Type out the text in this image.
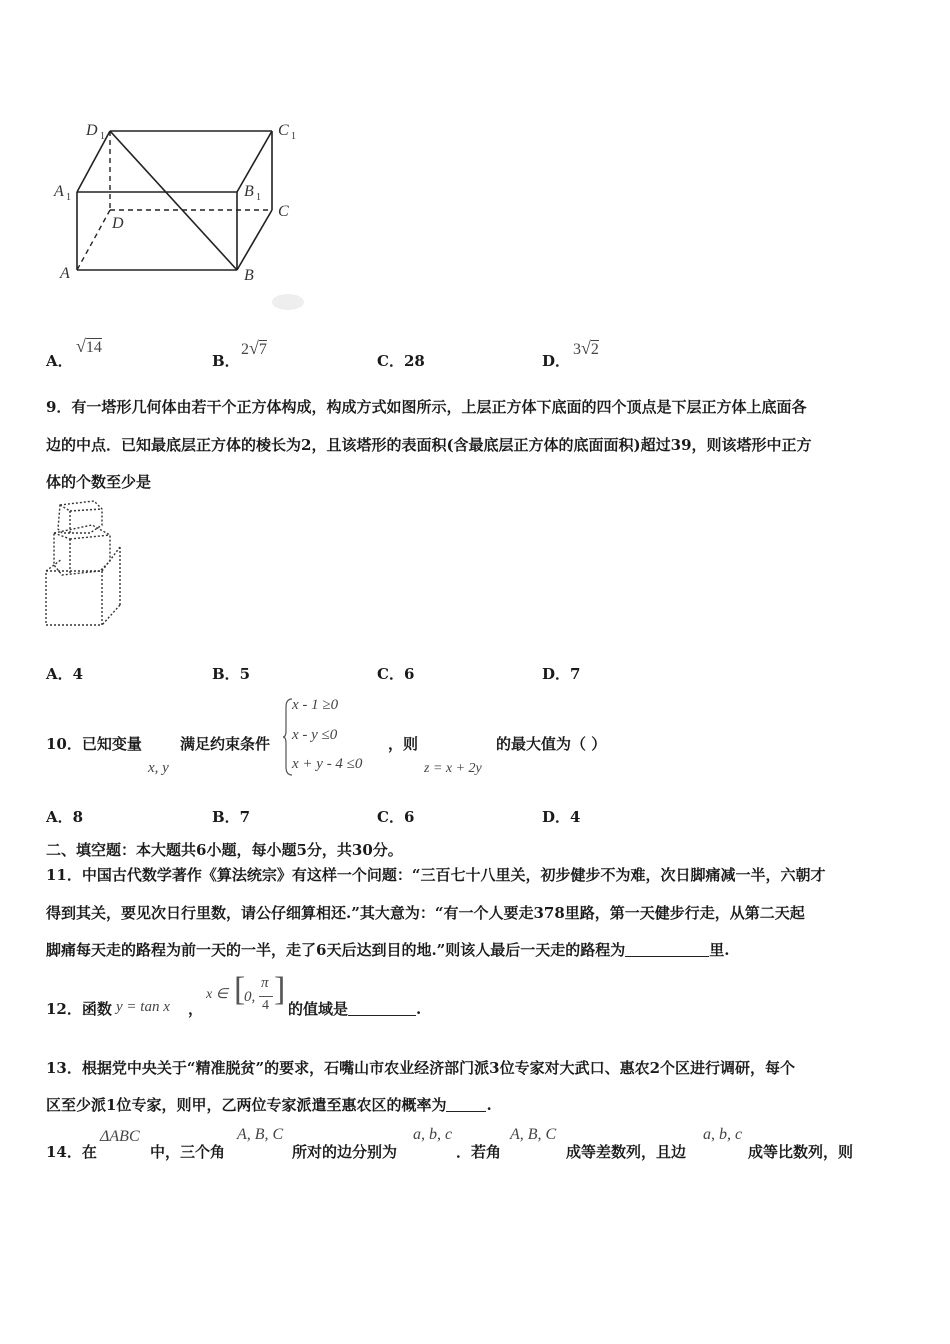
D 1	C 1
A 1	B 1
D
C
A	B
A．
√14
B．
2√7
C．28	D．
3√2
9．有一塔形几何体由若干个正方体构成，构成方式如图所示，上层正方体下底面的四个顶点是下层正方体上底面各
边的中点．已知最底层正方体的棱长为2，且该塔形的表面积(含最底层正方体的底面面积)超过39，则该塔形中正方
体的个数至少是
A．4	B．5	C．6	D．7
10．已知变量
x, y
满足约束条件
x - 1 ≥0
x - y ≤0
x + y - 4 ≤0
，则
z = x + 2y
的最大值为（ ）
A．8	B．7	C．6	D．4
二、填空题：本大题共6小题，每小题5分，共30分。
11．中国古代数学著作《算法统宗》有这样一个问题：“三百七十八里关，初步健步不为难，次日脚痛减一半，六朝才
得到其关，要见次日行里数，请公仔细算相还.”其大意为：“有一个人要走378里路，第一天健步行走，从第二天起
脚痛每天走的路程为前一天的一半，走了6天后达到目的地.”则该人最后一天走的路程为	里.
12．函数 y = tan x ，
x ∈ [
0,
π
4 ]
的值域是	.
13．根据党中央关于“精准脱贫”的要求，石嘴山市农业经济部门派3位专家对大武口、惠农2个区进行调研，每个
区至少派1位专家，则甲，乙两位专家派遣至惠农区的概率为	.
14．在
ΔABC
中，三个角
A, B, C
所对的边分别为
a, b, c
．若角
A, B, C
成等差数列，且边
a, b, c
成等比数列，则
